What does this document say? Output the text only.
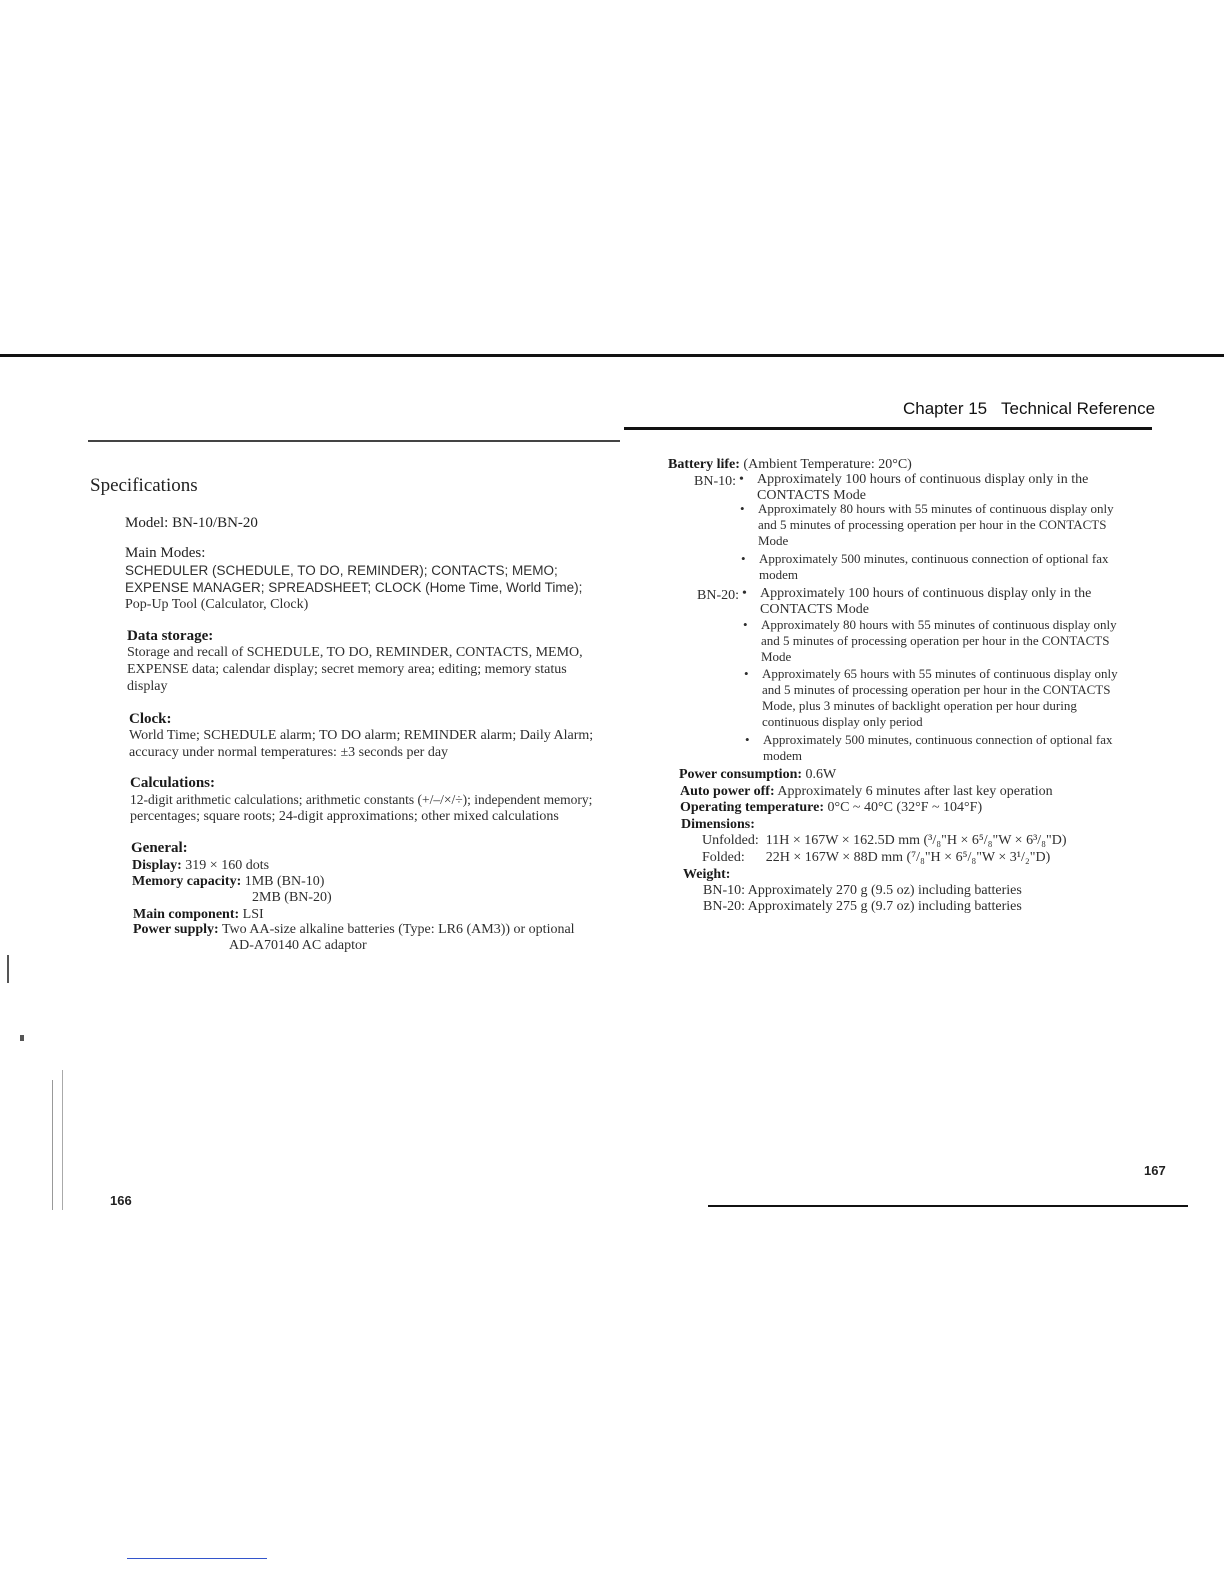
Chapter 15 Technical Reference
Specifications
Model: BN-10/BN-20
Main Modes:
SCHEDULER (SCHEDULE, TO DO, REMINDER); CONTACTS; MEMO;
EXPENSE MANAGER; SPREADSHEET; CLOCK (Home Time, World Time);
Pop-Up Tool (Calculator, Clock)
Data storage:
Storage and recall of SCHEDULE, TO DO, REMINDER, CONTACTS, MEMO,
EXPENSE data; calendar display; secret memory area; editing; memory status
display
Clock:
World Time; SCHEDULE alarm; TO DO alarm; REMINDER alarm; Daily Alarm;
accuracy under normal temperatures: ±3 seconds per day
Calculations:
12-digit arithmetic calculations; arithmetic constants (+/–/×/÷); independent memory;
percentages; square roots; 24-digit approximations; other mixed calculations
General:
Display: 319 × 160 dots
Memory capacity: 1MB (BN-10)
2MB (BN-20)
Main component: LSI
Power supply: Two AA-size alkaline batteries (Type: LR6 (AM3)) or optional
AD-A70140 AC adaptor
166
Battery life: (Ambient Temperature: 20°C)
BN-10: • Approximately 100 hours of continuous display only in the
CONTACTS Mode
• Approximately 80 hours with 55 minutes of continuous display only
and 5 minutes of processing operation per hour in the CONTACTS
Mode
• Approximately 500 minutes, continuous connection of optional fax
modem
BN-20: • Approximately 100 hours of continuous display only in the
CONTACTS Mode
• Approximately 80 hours with 55 minutes of continuous display only
and 5 minutes of processing operation per hour in the CONTACTS
Mode
• Approximately 65 hours with 55 minutes of continuous display only
and 5 minutes of processing operation per hour in the CONTACTS
Mode, plus 3 minutes of backlight operation per hour during
continuous display only period
• Approximately 500 minutes, continuous connection of optional fax
modem
Power consumption: 0.6W
Auto power off: Approximately 6 minutes after last key operation
Operating temperature: 0°C ~ 40°C (32°F ~ 104°F)
Dimensions:
Unfolded: 11H × 167W × 162.5D mm (³/₈"H × 6⁵/₈"W × 6³/₈"D)
Folded: 22H × 167W × 88D mm (⁷/₈"H × 6⁵/₈"W × 3¹/₂"D)
Weight:
BN-10: Approximately 270 g (9.5 oz) including batteries
BN-20: Approximately 275 g (9.7 oz) including batteries
167
